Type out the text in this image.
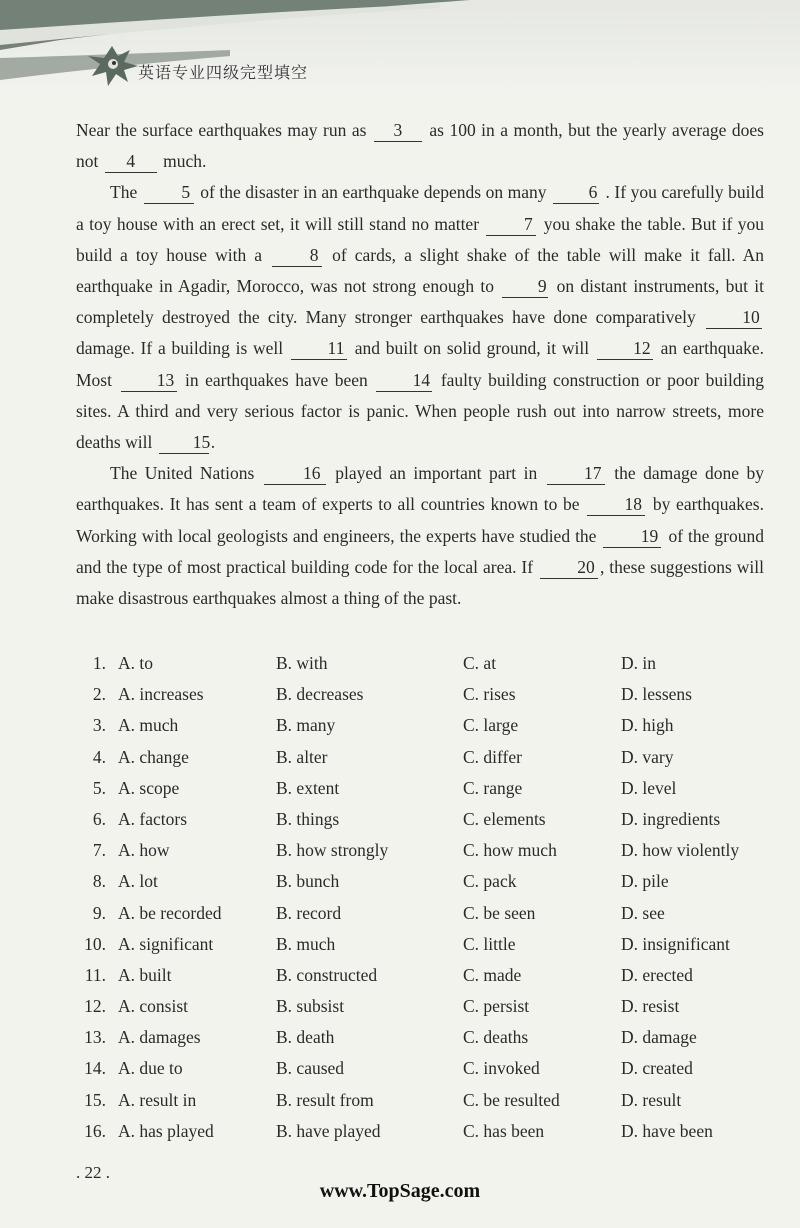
英语专业四级完型填空

Near the surface earthquakes may run as 3 as 100 in a month, but the yearly average does not 4 much.

The	5 of the disaster in an earthquake depends on many 6 . If you carefully build a toy house with an erect set, it will still stand no matter	7 you shake the table. But if you build a toy house with a	8 of cards, a slight shake of the table will make it fall. An earthquake in Agadir, Morocco, was not strong enough to	9 on distant instruments, but it completely destroyed the city. Many stronger earthquakes have done comparatively	10 damage. If a building is well	11 and built on solid ground, it will	12 an earthquake. Most	13 in earthquakes have been	14 faulty building construction or poor building sites. A third and very serious factor is panic. When people rush out into narrow streets, more deaths will 15.

The United Nations	16 played an important part in	17 the damage done by earthquakes. It has sent a team of experts to all countries known to be	18 by earthquakes. Working with local geologists and engineers, the experts have studied the	19 of the ground and the type of most practical building code for the local area. If	20 , these suggestions will make disastrous earthquakes almost a thing of the past.

1. A. to	B. with	C. at	D. in
2. A. increases	B. decreases	C. rises	D. lessens
3. A. much	B. many	C. large	D. high
4. A. change	B. alter	C. differ	D. vary
5. A. scope	B. extent	C. range	D. level
6. A. factors	B. things	C. elements	D. ingredients
7. A. how	B. how strongly	C. how much	D. how violently
8. A. lot	B. bunch	C. pack	D. pile
9. A. be recorded	B. record	C. be seen	D. see
10. A. significant	B. much	C. little	D. insignificant
11. A. built	B. constructed	C. made	D. erected
12. A. consist	B. subsist	C. persist	D. resist
13. A. damages	B. death	C. deaths	D. damage
14. A. due to	B. caused	C. invoked	D. created
15. A. result in	B. result from	C. be resulted	D. result
16. A. has played	B. have played	C. has been	D. have been
. 22 .
www.TopSage.com
